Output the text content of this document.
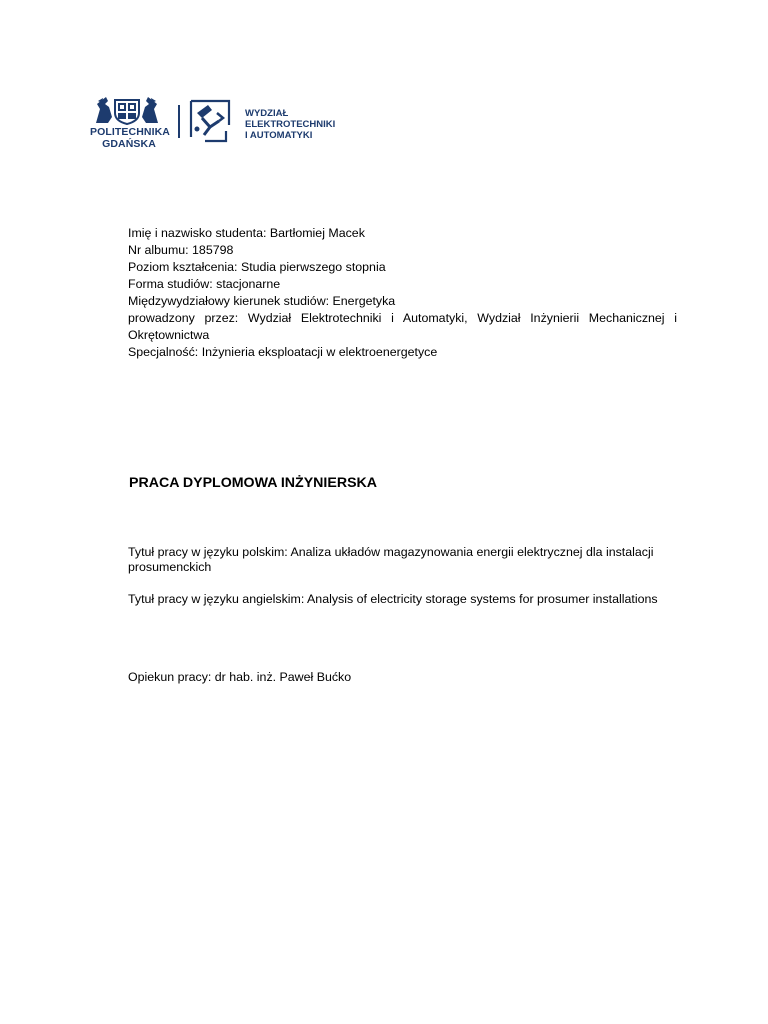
POLITECHNIKA
GDAŃSKA
WYDZIAŁ
ELEKTROTECHNIKI
I AUTOMATYKI
Imię i nazwisko studenta: Bartłomiej Macek
Nr albumu: 185798
Poziom kształcenia: Studia pierwszego stopnia
Forma studiów: stacjonarne
Międzywydziałowy kierunek studiów: Energetyka
prowadzony przez: Wydział Elektrotechniki i Automatyki, Wydział Inżynierii Mechanicznej i
Okrętownictwa
Specjalność: Inżynieria eksploatacji w elektroenergetyce
PRACA DYPLOMOWA INŻYNIERSKA
Tytuł pracy w języku polskim: Analiza układów magazynowania energii elektrycznej dla instalacji prosumenckich
Tytuł pracy w języku angielskim: Analysis of electricity storage systems for prosumer installations
Opiekun pracy: dr hab. inż. Paweł Bućko
